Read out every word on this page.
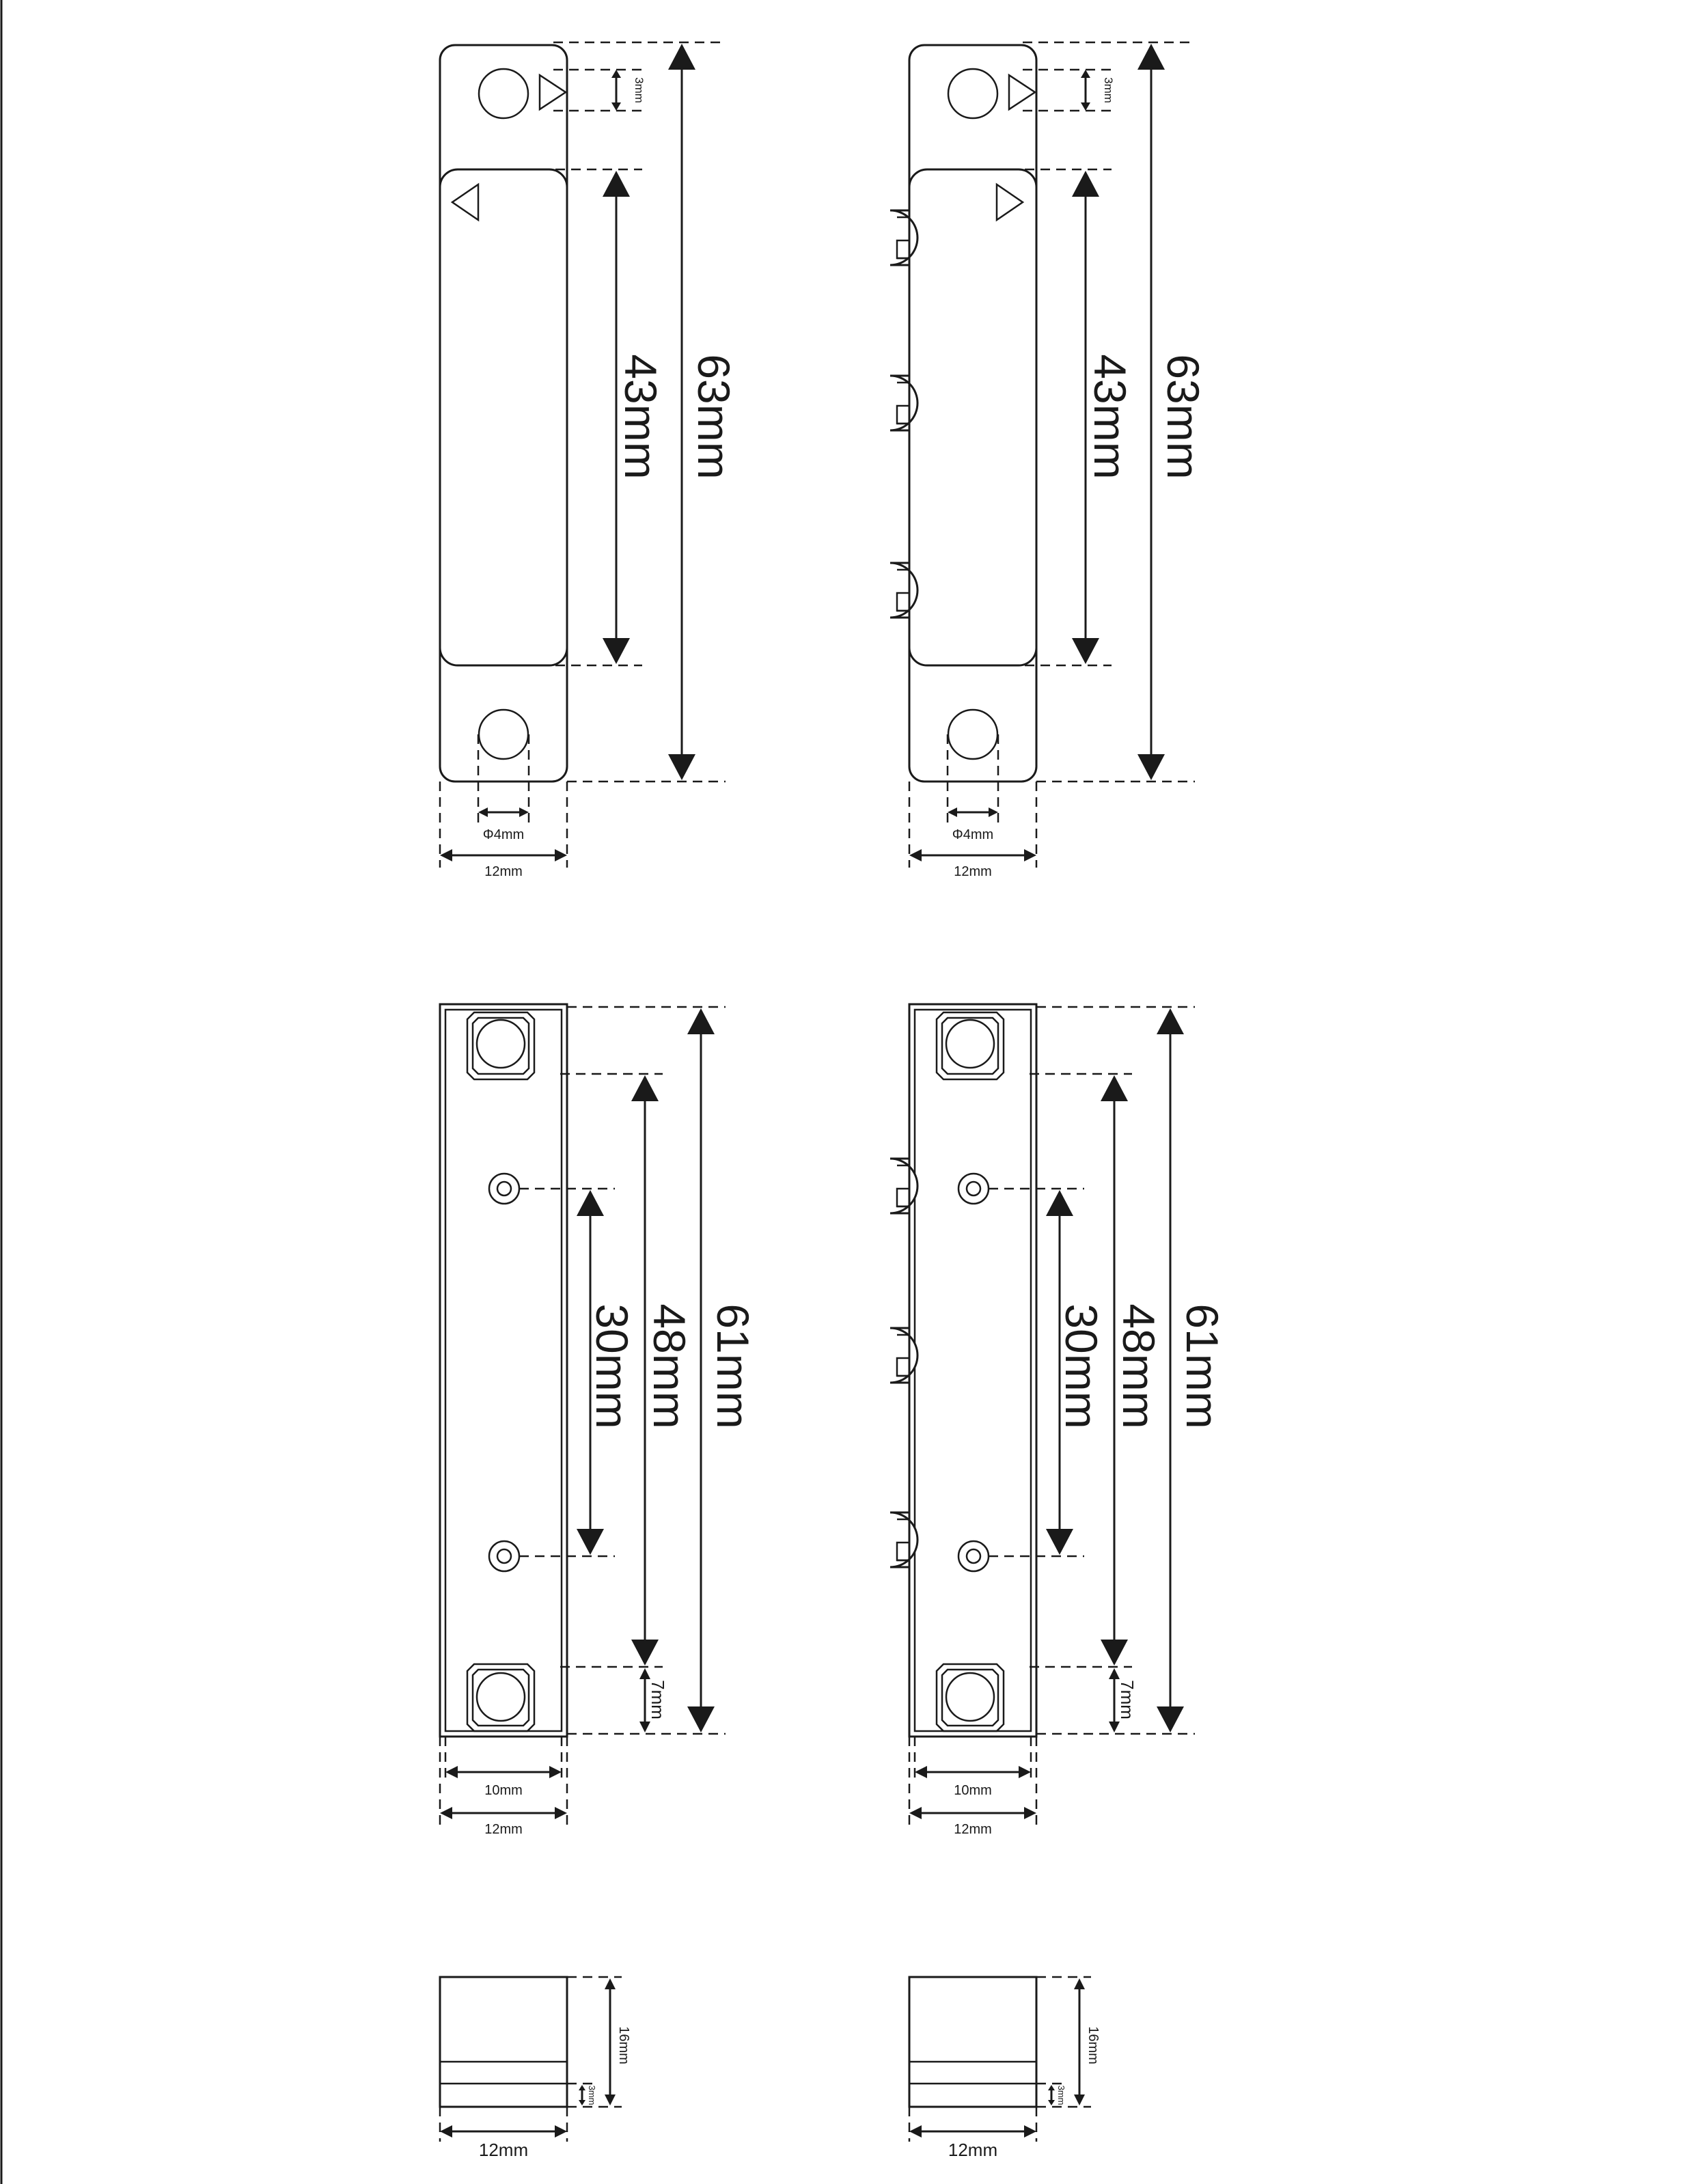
3mm
43mm 63mm
Φ4mm
12mm
3mm
43mm 63mm
Φ4mm
12mm
30mm 48mm 61mm
7mm
10mm
12mm
30mm 48mm 61mm
7mm
10mm
12mm
16mm
3mm
12mm
16mm
3mm
12mm
